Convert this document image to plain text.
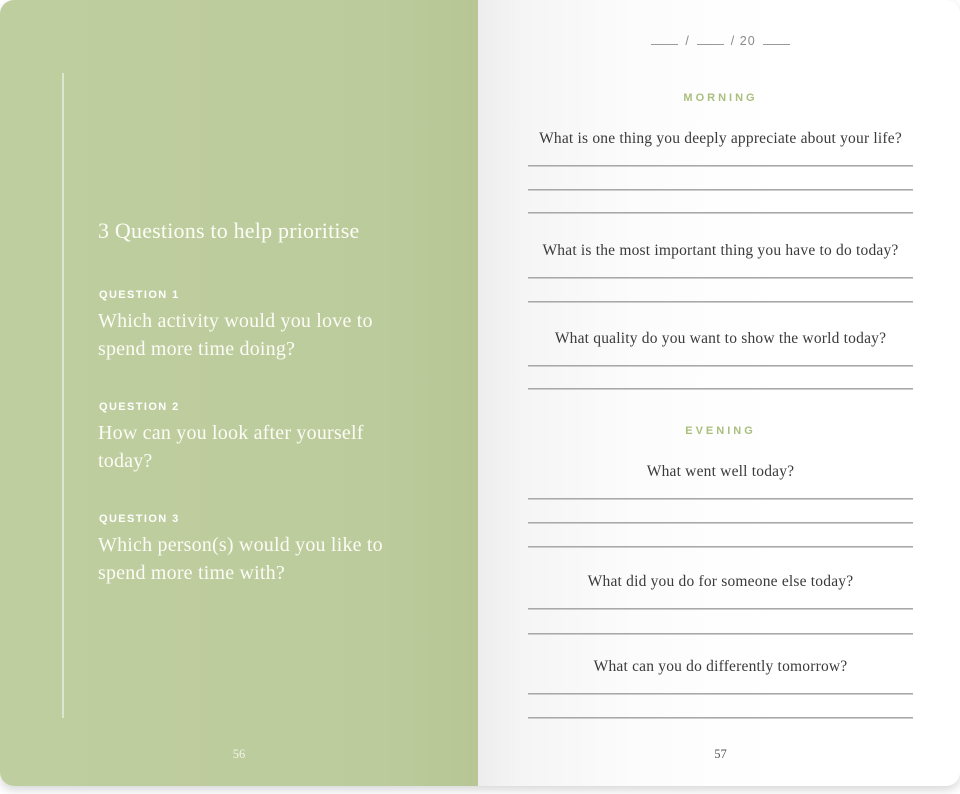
3 Questions to help prioritise
QUESTION 1
Which activity would you love to spend more time doing?
QUESTION 2
How can you look after yourself today?
QUESTION 3
Which person(s) would you like to spend more time with?
56
/	/ 20
MORNING
What is one thing you deeply appreciate about your life?
What is the most important thing you have to do today?
What quality do you want to show the world today?
EVENING
What went well today?
What did you do for someone else today?
What can you do differently tomorrow?
57
